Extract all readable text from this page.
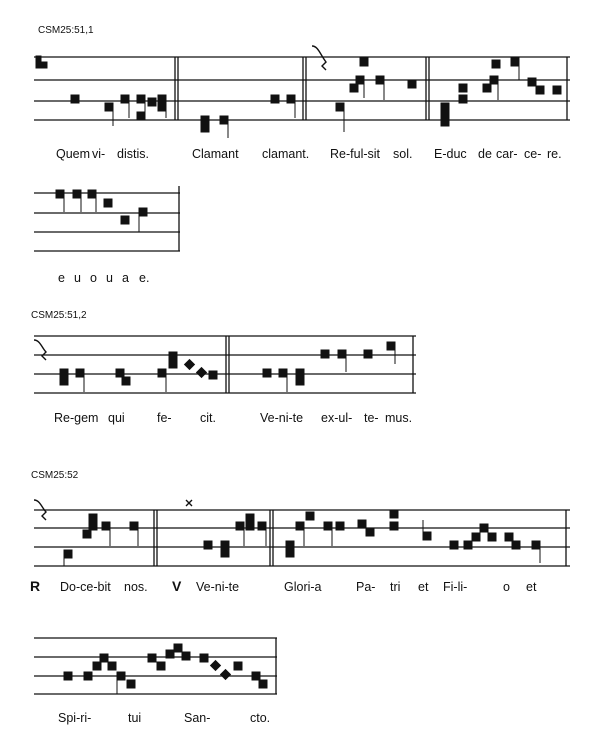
CSM25:51,1
Quem vi- distis.	Clamant clamant. Re-ful-sit sol. E-duc de car- ce- re.
e u o u a e.
CSM25:51,2
Re-gem qui	fe- cit.	Ve-ni-te ex-ul- te- mus.
CSM25:52
R Do-ce-bit nos. V Ve-ni-te	Glori-a	Pa- tri et Fi-li-	o et
Spi-ri-	tui	San-	cto.
